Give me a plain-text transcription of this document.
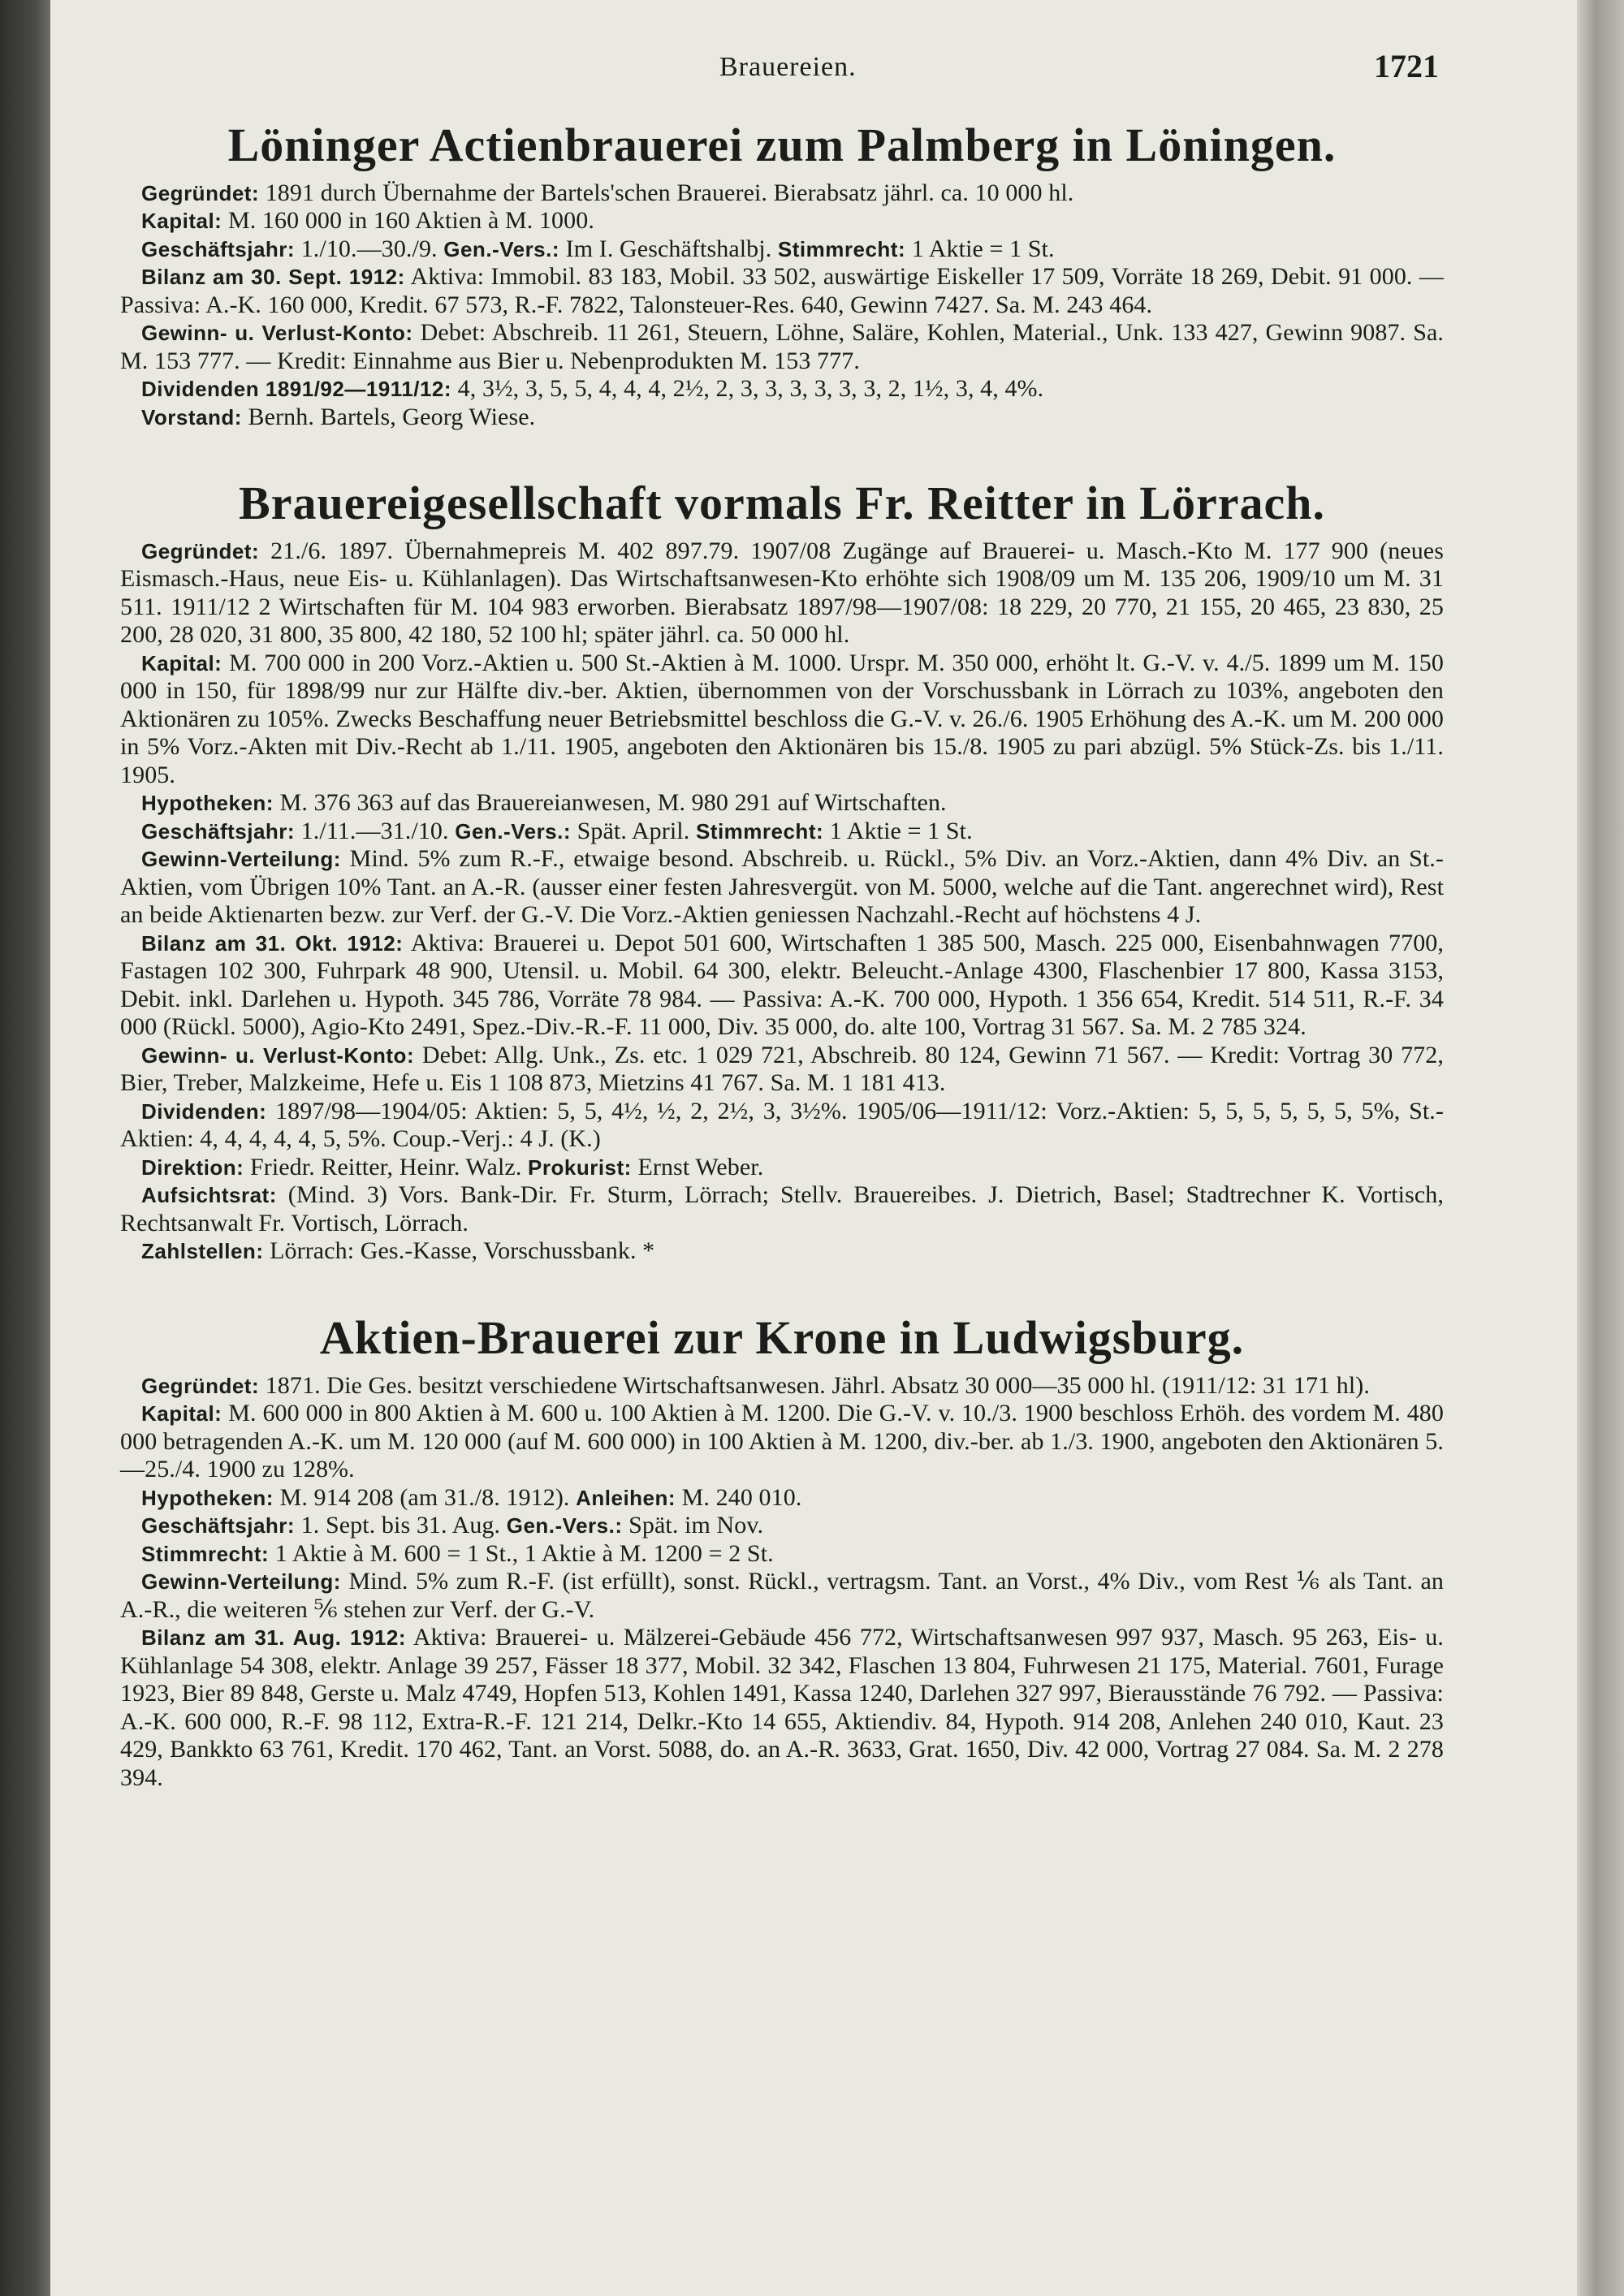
Brauereien.	1721
Löninger Actienbrauerei zum Palmberg in Löningen.

Gegründet: 1891 durch Übernahme der Bartels'schen Brauerei. Bierabsatz jährl. ca. 10 000 hl.

Kapital: M. 160 000 in 160 Aktien à M. 1000.

Geschäftsjahr: 1./10.—30./9. Gen.-Vers.: Im I. Geschäftshalbj. Stimmrecht: 1 Aktie = 1 St.

Bilanz am 30. Sept. 1912: Aktiva: Immobil. 83 183, Mobil. 33 502, auswärtige Eiskeller 17 509, Vorräte 18 269, Debit. 91 000. — Passiva: A.-K. 160 000, Kredit. 67 573, R.-F. 7822, Talonsteuer-Res. 640, Gewinn 7427. Sa. M. 243 464.

Gewinn- u. Verlust-Konto: Debet: Abschreib. 11 261, Steuern, Löhne, Saläre, Kohlen, Material., Unk. 133 427, Gewinn 9087. Sa. M. 153 777. — Kredit: Einnahme aus Bier u. Nebenprodukten M. 153 777.

Dividenden 1891/92—1911/12: 4, 3½, 3, 5, 5, 4, 4, 4, 2½, 2, 3, 3, 3, 3, 3, 3, 2, 1½, 3, 4, 4%.

Vorstand: Bernh. Bartels, Georg Wiese.

Brauereigesellschaft vormals Fr. Reitter in Lörrach.

Gegründet: 21./6. 1897. Übernahmepreis M. 402 897.79. 1907/08 Zugänge auf Brauerei- u. Masch.-Kto M. 177 900 (neues Eismasch.-Haus, neue Eis- u. Kühlanlagen). Das Wirtschaftsanwesen-Kto erhöhte sich 1908/09 um M. 135 206, 1909/10 um M. 31 511. 1911/12 2 Wirtschaften für M. 104 983 erworben. Bierabsatz 1897/98—1907/08: 18 229, 20 770, 21 155, 20 465, 23 830, 25 200, 28 020, 31 800, 35 800, 42 180, 52 100 hl; später jährl. ca. 50 000 hl.

Kapital: M. 700 000 in 200 Vorz.-Aktien u. 500 St.-Aktien à M. 1000. Urspr. M. 350 000, erhöht lt. G.-V. v. 4./5. 1899 um M. 150 000 in 150, für 1898/99 nur zur Hälfte div.-ber. Aktien, übernommen von der Vorschussbank in Lörrach zu 103%, angeboten den Aktionären zu 105%. Zwecks Beschaffung neuer Betriebsmittel beschloss die G.-V. v. 26./6. 1905 Erhöhung des A.-K. um M. 200 000 in 5% Vorz.-Akten mit Div.-Recht ab 1./11. 1905, angeboten den Aktionären bis 15./8. 1905 zu pari abzügl. 5% Stück-Zs. bis 1./11. 1905.

Hypotheken: M. 376 363 auf das Brauereianwesen, M. 980 291 auf Wirtschaften.

Geschäftsjahr: 1./11.—31./10. Gen.-Vers.: Spät. April. Stimmrecht: 1 Aktie = 1 St.

Gewinn-Verteilung: Mind. 5% zum R.-F., etwaige besond. Abschreib. u. Rückl., 5% Div. an Vorz.-Aktien, dann 4% Div. an St.-Aktien, vom Übrigen 10% Tant. an A.-R. (ausser einer festen Jahresvergüt. von M. 5000, welche auf die Tant. angerechnet wird), Rest an beide Aktienarten bezw. zur Verf. der G.-V. Die Vorz.-Aktien geniessen Nachzahl.-Recht auf höchstens 4 J.

Bilanz am 31. Okt. 1912: Aktiva: Brauerei u. Depot 501 600, Wirtschaften 1 385 500, Masch. 225 000, Eisenbahnwagen 7700, Fastagen 102 300, Fuhrpark 48 900, Utensil. u. Mobil. 64 300, elektr. Beleucht.-Anlage 4300, Flaschenbier 17 800, Kassa 3153, Debit. inkl. Darlehen u. Hypoth. 345 786, Vorräte 78 984. — Passiva: A.-K. 700 000, Hypoth. 1 356 654, Kredit. 514 511, R.-F. 34 000 (Rückl. 5000), Agio-Kto 2491, Spez.-Div.-R.-F. 11 000, Div. 35 000, do. alte 100, Vortrag 31 567. Sa. M. 2 785 324.

Gewinn- u. Verlust-Konto: Debet: Allg. Unk., Zs. etc. 1 029 721, Abschreib. 80 124, Gewinn 71 567. — Kredit: Vortrag 30 772, Bier, Treber, Malzkeime, Hefe u. Eis 1 108 873, Mietzins 41 767. Sa. M. 1 181 413.

Dividenden: 1897/98—1904/05: Aktien: 5, 5, 4½, ½, 2, 2½, 3, 3½%. 1905/06—1911/12: Vorz.-Aktien: 5, 5, 5, 5, 5, 5, 5%, St.-Aktien: 4, 4, 4, 4, 4, 5, 5%. Coup.-Verj.: 4 J. (K.)

Direktion: Friedr. Reitter, Heinr. Walz. Prokurist: Ernst Weber.

Aufsichtsrat: (Mind. 3) Vors. Bank-Dir. Fr. Sturm, Lörrach; Stellv. Brauereibes. J. Dietrich, Basel; Stadtrechner K. Vortisch, Rechtsanwalt Fr. Vortisch, Lörrach.

Zahlstellen: Lörrach: Ges.-Kasse, Vorschussbank. *

Aktien-Brauerei zur Krone in Ludwigsburg.

Gegründet: 1871. Die Ges. besitzt verschiedene Wirtschaftsanwesen. Jährl. Absatz 30 000—35 000 hl. (1911/12: 31 171 hl).

Kapital: M. 600 000 in 800 Aktien à M. 600 u. 100 Aktien à M. 1200. Die G.-V. v. 10./3. 1900 beschloss Erhöh. des vordem M. 480 000 betragenden A.-K. um M. 120 000 (auf M. 600 000) in 100 Aktien à M. 1200, div.-ber. ab 1./3. 1900, angeboten den Aktionären 5.—25./4. 1900 zu 128%.

Hypotheken: M. 914 208 (am 31./8. 1912). Anleihen: M. 240 010.

Geschäftsjahr: 1. Sept. bis 31. Aug. Gen.-Vers.: Spät. im Nov.

Stimmrecht: 1 Aktie à M. 600 = 1 St., 1 Aktie à M. 1200 = 2 St.

Gewinn-Verteilung: Mind. 5% zum R.-F. (ist erfüllt), sonst. Rückl., vertragsm. Tant. an Vorst., 4% Div., vom Rest ⅙ als Tant. an A.-R., die weiteren ⅚ stehen zur Verf. der G.-V.

Bilanz am 31. Aug. 1912: Aktiva: Brauerei- u. Mälzerei-Gebäude 456 772, Wirtschaftsanwesen 997 937, Masch. 95 263, Eis- u. Kühlanlage 54 308, elektr. Anlage 39 257, Fässer 18 377, Mobil. 32 342, Flaschen 13 804, Fuhrwesen 21 175, Material. 7601, Furage 1923, Bier 89 848, Gerste u. Malz 4749, Hopfen 513, Kohlen 1491, Kassa 1240, Darlehen 327 997, Bierausstände 76 792. — Passiva: A.-K. 600 000, R.-F. 98 112, Extra-R.-F. 121 214, Delkr.-Kto 14 655, Aktiendiv. 84, Hypoth. 914 208, Anlehen 240 010, Kaut. 23 429, Bankkto 63 761, Kredit. 170 462, Tant. an Vorst. 5088, do. an A.-R. 3633, Grat. 1650, Div. 42 000, Vortrag 27 084. Sa. M. 2 278 394.
